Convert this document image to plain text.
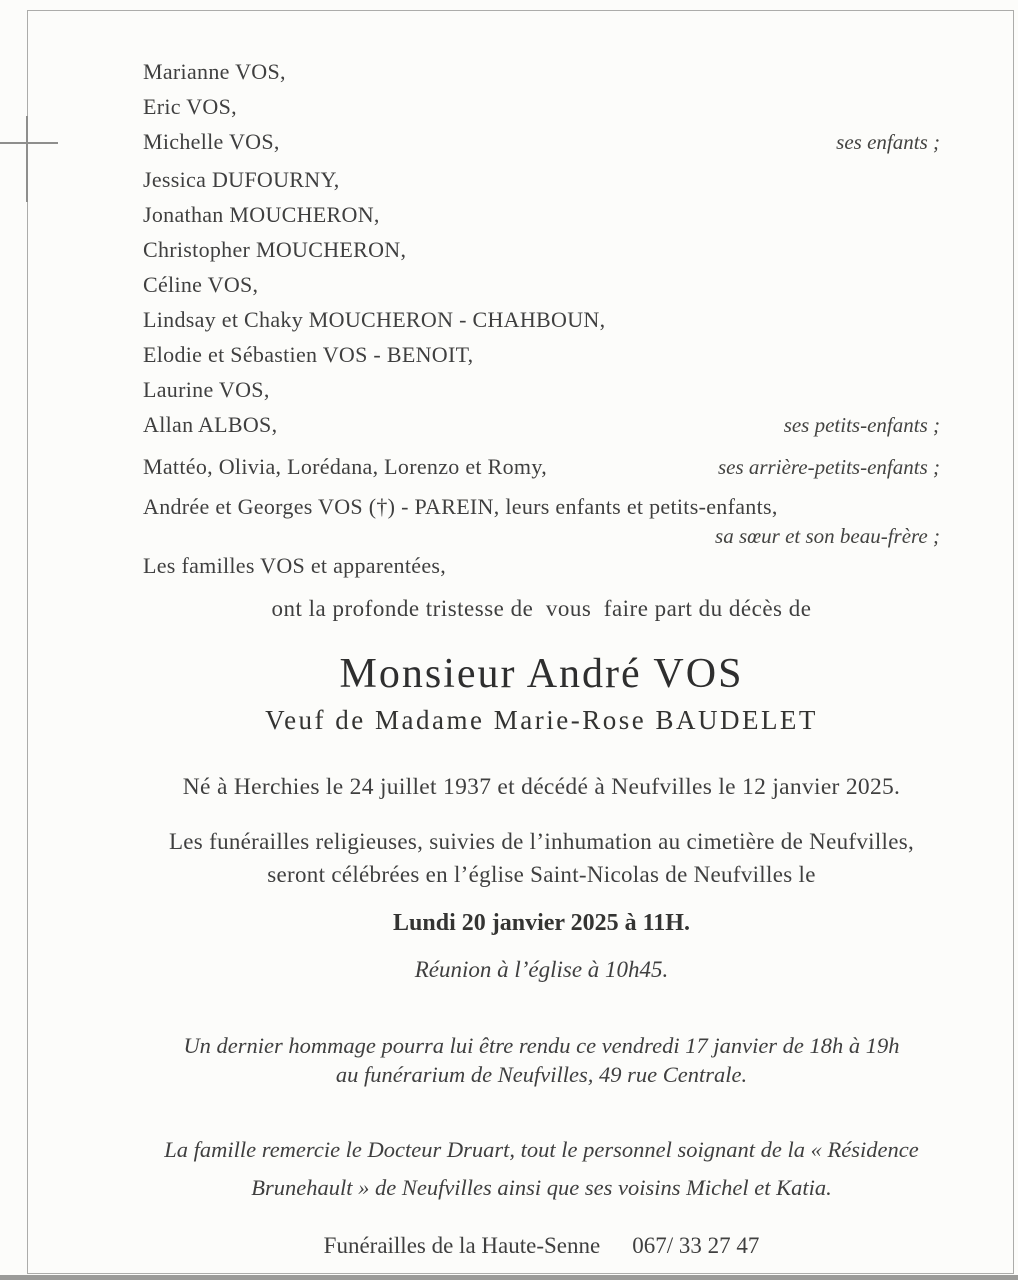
Marianne VOS,
Eric VOS,
Michelle VOS,	ses enfants ;
Jessica DUFOURNY,
Jonathan MOUCHERON,
Christopher MOUCHERON,
Céline VOS,
Lindsay et Chaky MOUCHERON - CHAHBOUN,
Elodie et Sébastien VOS - BENOIT,
Laurine VOS,
Allan ALBOS,	ses petits-enfants ;
Mattéo, Olivia, Lorédana, Lorenzo et Romy,	ses arrière-petits-enfants ;
Andrée et Georges VOS (†) - PAREIN, leurs enfants et petits-enfants,
sa sœur et son beau-frère ;
Les familles VOS et apparentées,
ont la profonde tristesse de  vous  faire part du décès de
Monsieur André VOS
Veuf de Madame Marie-Rose BAUDELET
Né à Herchies le 24 juillet 1937 et décédé à Neufvilles le 12 janvier 2025.
Les funérailles religieuses, suivies de l’inhumation au cimetière de Neufvilles,
seront célébrées en l’église Saint-Nicolas de Neufvilles le
Lundi 20 janvier 2025 à 11H.
Réunion à l’église à 10h45.
Un dernier hommage pourra lui être rendu ce vendredi 17 janvier de 18h à 19h
au funérarium de Neufvilles, 49 rue Centrale.
La famille remercie le Docteur Druart, tout le personnel soignant de la « Résidence
Brunehault » de Neufvilles ainsi que ses voisins Michel et Katia.
Funérailles de la Haute-Senne 067/ 33 27 47
